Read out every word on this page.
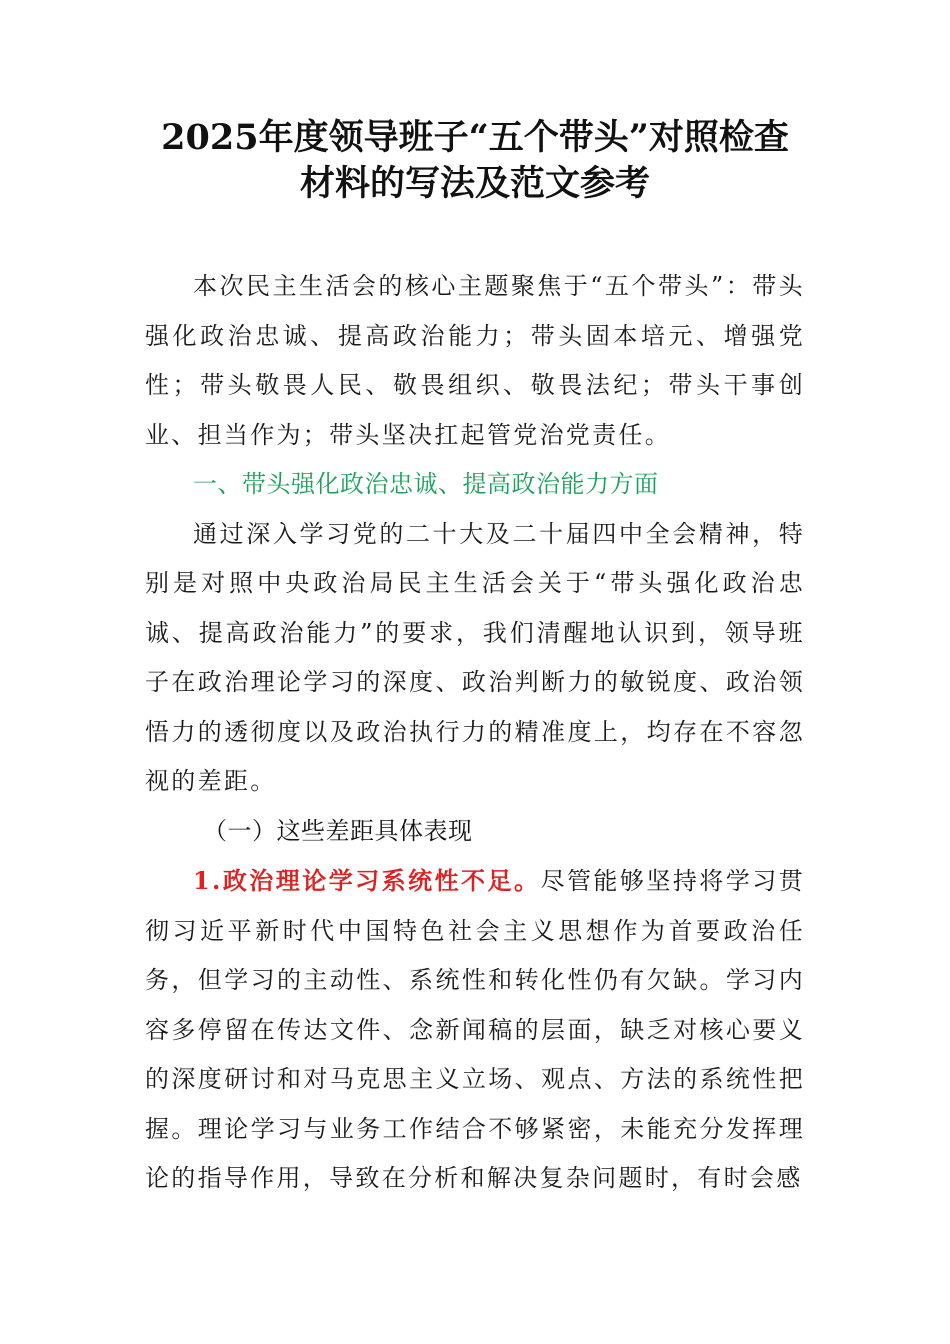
2025年度领导班子“五个带头”对照检查
材料的写法及范文参考

本次民主生活会的核心主题聚焦于“五个带头”：带头强化政治忠诚、提高政治能力；带头固本培元、增强党性；带头敬畏人民、敬畏组织、敬畏法纪；带头干事创业、担当作为；带头坚决扛起管党治党责任。

一、带头强化政治忠诚、提高政治能力方面

通过深入学习党的二十大及二十届四中全会精神，特别是对照中央政治局民主生活会关于“带头强化政治忠诚、提高政治能力”的要求，我们清醒地认识到，领导班子在政治理论学习的深度、政治判断力的敏锐度、政治领悟力的透彻度以及政治执行力的精准度上，均存在不容忽视的差距。

（一）这些差距具体表现

1.政治理论学习系统性不足。尽管能够坚持将学习贯彻习近平新时代中国特色社会主义思想作为首要政治任务，但学习的主动性、系统性和转化性仍有欠缺。学习内容多停留在传达文件、念新闻稿的层面，缺乏对核心要义的深度研讨和对马克思主义立场、观点、方法的系统性把握。理论学习与业务工作结合不够紧密，未能充分发挥理论的指导作用，导致在分析和解决复杂问题时，有时会感
